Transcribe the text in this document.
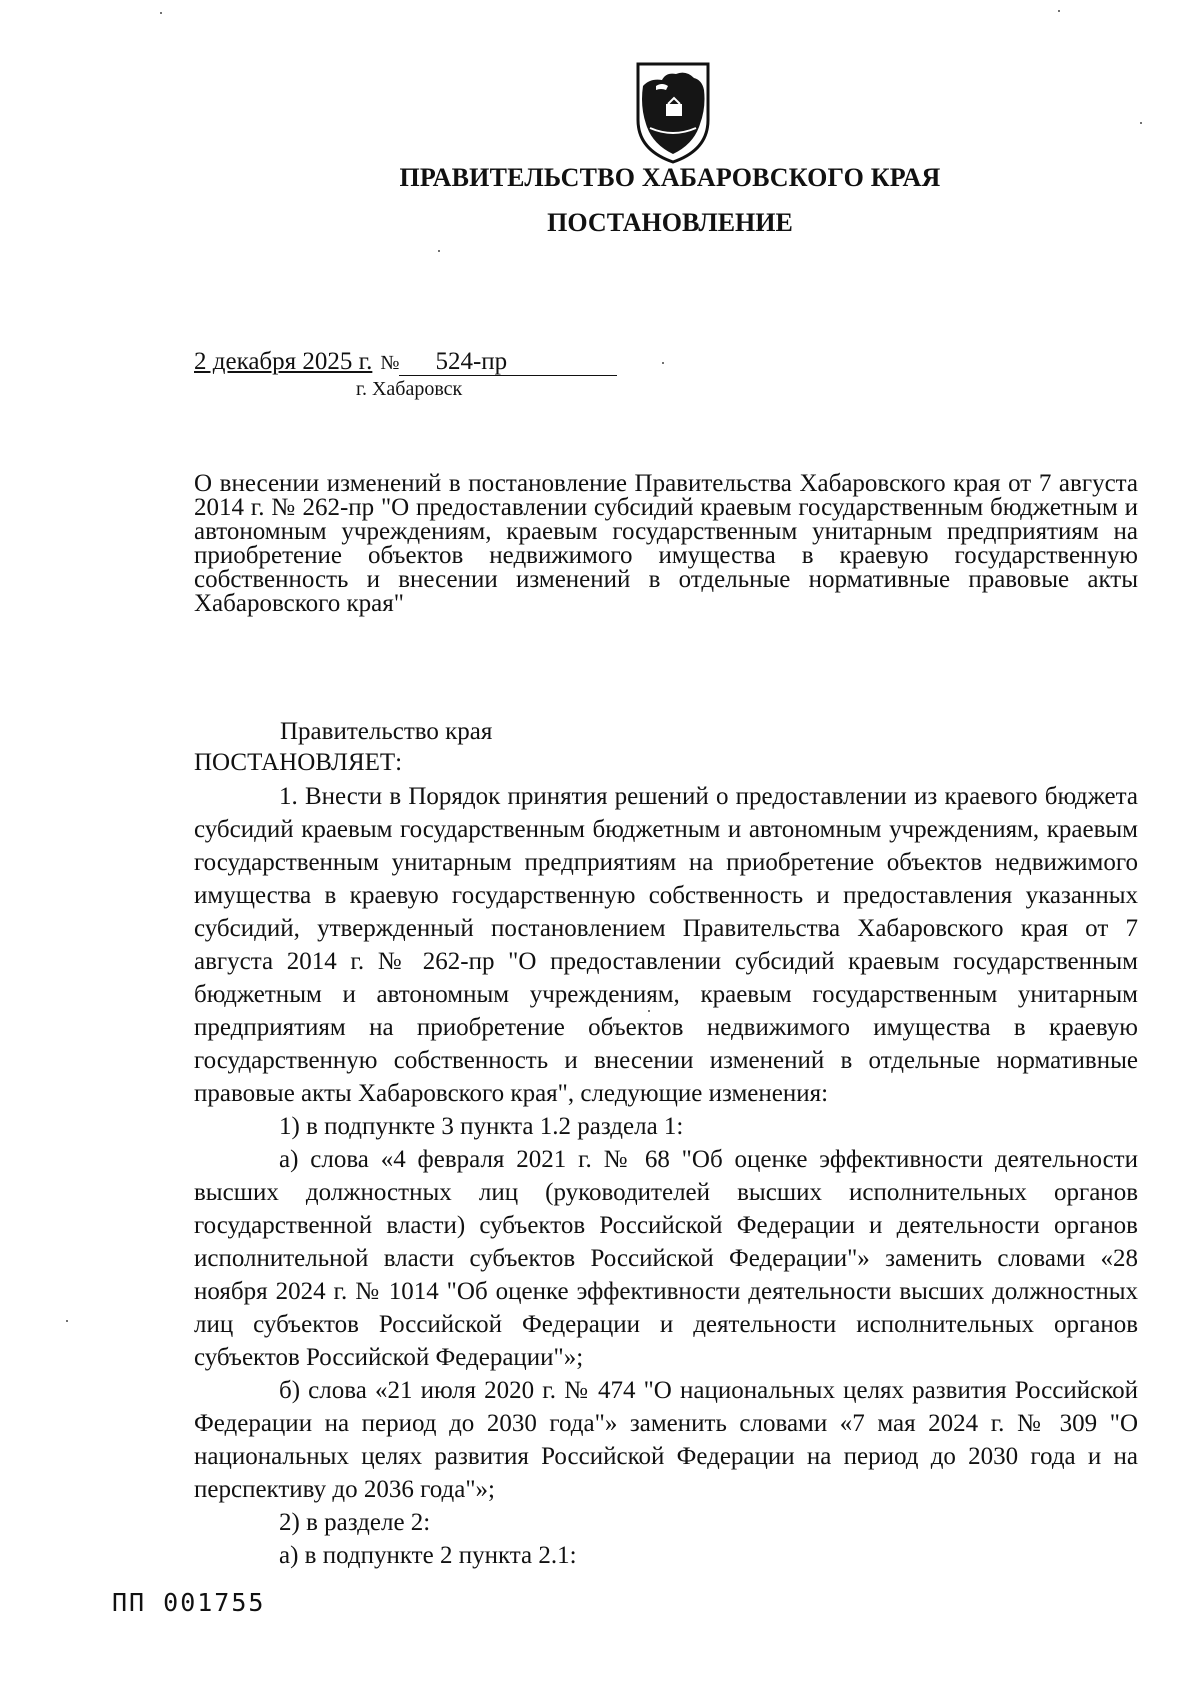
ПРАВИТЕЛЬСТВО ХАБАРОВСКОГО КРАЯ
ПОСТАНОВЛЕНИЕ
2 декабря 2025 г. № 524-пр
г. Хабаровск
О внесении изменений в постановление Правительства Хабаровского края от 7 августа 2014 г. № 262-пр "О предоставлении субсидий краевым государственным бюджетным и автономным учреждениям, краевым государственным унитарным предприятиям на приобретение объектов недвижимого имущества в краевую государственную собственность и внесении изменений в отдельные нормативные правовые акты Хабаровского края"
Правительство края
ПОСТАНОВЛЯЕТ:

1. Внести в Порядок принятия решений о предоставлении из краевого бюджета субсидий краевым государственным бюджетным и автономным учреждениям, краевым государственным унитарным предприятиям на приобретение объектов недвижимого имущества в краевую государственную собственность и предоставления указанных субсидий, утвержденный постановлением Правительства Хабаровского края от 7 августа 2014 г. № 262-пр "О предоставлении субсидий краевым государственным бюджетным и автономным учреждениям, краевым государственным унитарным предприятиям на приобретение объектов недвижимого имущества в краевую государственную собственность и внесении изменений в отдельные нормативные правовые акты Хабаровского края", следующие изменения:

1) в подпункте 3 пункта 1.2 раздела 1:

а) слова «4 февраля 2021 г. № 68 "Об оценке эффективности деятельности высших должностных лиц (руководителей высших исполнительных органов государственной власти) субъектов Российской Федерации и деятельности органов исполнительной власти субъектов Российской Федерации"» заменить словами «28 ноября 2024 г. № 1014 "Об оценке эффективности деятельности высших должностных лиц субъектов Российской Федерации и деятельности исполнительных органов субъектов Российской Федерации"»;

б) слова «21 июля 2020 г. № 474 "О национальных целях развития Российской Федерации на период до 2030 года"» заменить словами «7 мая 2024 г. № 309 "О национальных целях развития Российской Федерации на период до 2030 года и на перспективу до 2036 года"»;

2) в разделе 2:

а) в подпункте 2 пункта 2.1:

ПП 001755
